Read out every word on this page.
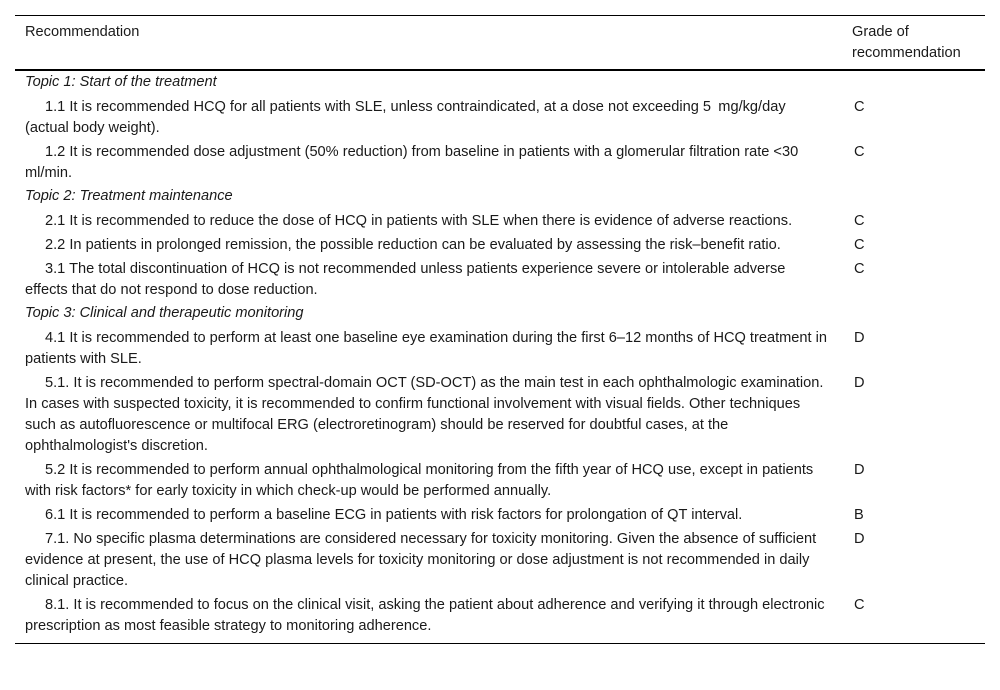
Recommendation	Grade of recommendation
Topic 1: Start of the treatment	
1.1 It is recommended HCQ for all patients with SLE, unless contraindicated, at a dose not exceeding 5  mg/kg/day (actual body weight).	C
1.2 It is recommended dose adjustment (50% reduction) from baseline in patients with a glomerular filtration rate <30  ml/min.	C
Topic 2: Treatment maintenance	
2.1 It is recommended to reduce the dose of HCQ in patients with SLE when there is evidence of adverse reactions.	C
2.2 In patients in prolonged remission, the possible reduction can be evaluated by assessing the risk–benefit ratio.	C
3.1 The total discontinuation of HCQ is not recommended unless patients experience severe or intolerable adverse effects that do not respond to dose reduction.	C
Topic 3: Clinical and therapeutic monitoring	
4.1 It is recommended to perform at least one baseline eye examination during the first 6–12 months of HCQ treatment in patients with SLE.	D
5.1. It is recommended to perform spectral-domain OCT (SD-OCT) as the main test in each ophthalmologic examination. In cases with suspected toxicity, it is recommended to confirm functional involvement with visual fields. Other techniques such as autofluorescence or multifocal ERG (electroretinogram) should be reserved for doubtful cases, at the ophthalmologist's discretion.	D
5.2 It is recommended to perform annual ophthalmological monitoring from the fifth year of HCQ use, except in patients with risk factors* for early toxicity in which check-up would be performed annually.	D
6.1 It is recommended to perform a baseline ECG in patients with risk factors for prolongation of QT interval.	B
7.1. No specific plasma determinations are considered necessary for toxicity monitoring. Given the absence of sufficient evidence at present, the use of HCQ plasma levels for toxicity monitoring or dose adjustment is not recommended in daily clinical practice.	D
8.1. It is recommended to focus on the clinical visit, asking the patient about adherence and verifying it through electronic prescription as most feasible strategy to monitoring adherence.	C
